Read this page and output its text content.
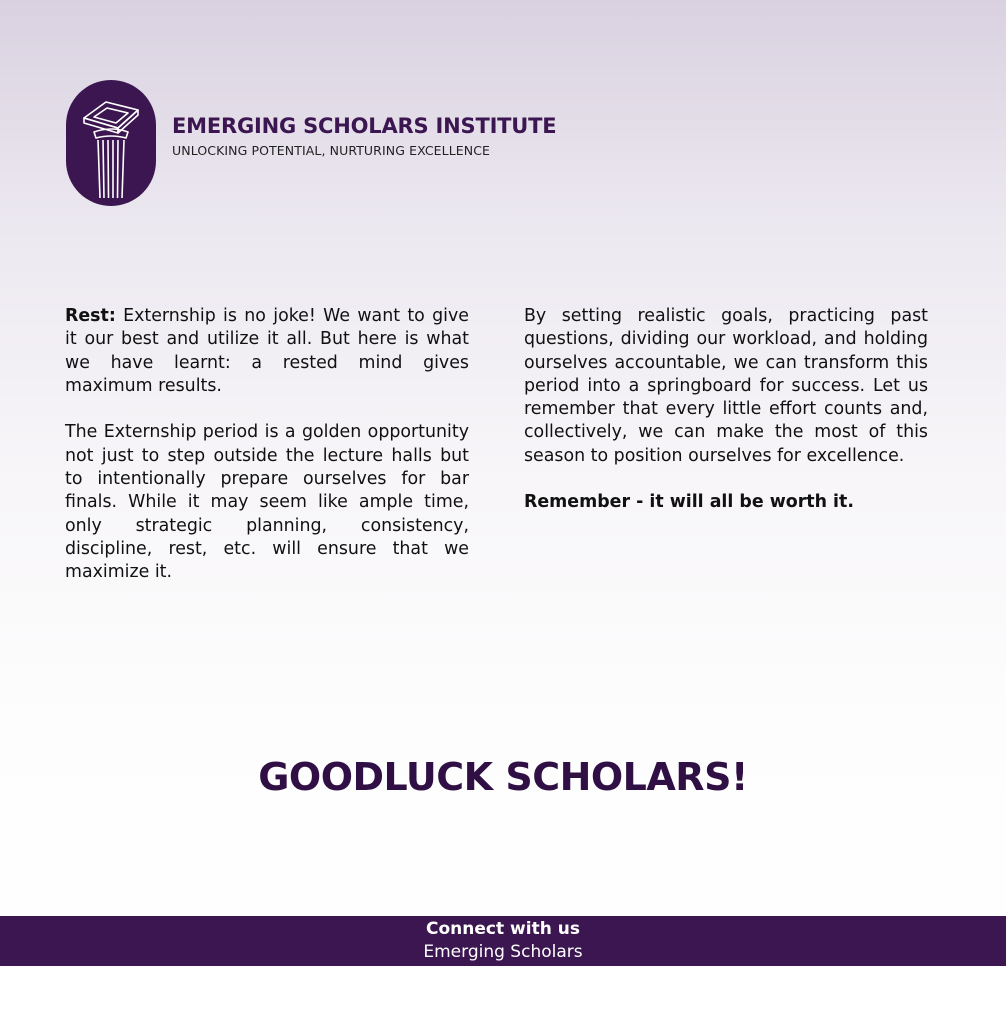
EMERGING SCHOLARS INSTITUTE
UNLOCKING POTENTIAL, NURTURING EXCELLENCE

Rest: Externship is no joke! We want to give it our best and utilize it all. But here is what we have learnt: a rested mind gives maximum results.

The Externship period is a golden opportunity not just to step outside the lecture halls but to intentionally prepare ourselves for bar finals. While it may seem like ample time, only strategic planning, consistency, discipline, rest, etc. will ensure that we maximize it.

By setting realistic goals, practicing past questions, dividing our workload, and holding ourselves accountable, we can transform this period into a springboard for success. Let us remember that every little effort counts and, collectively, we can make the most of this season to position ourselves for excellence.

Remember - it will all be worth it.

GOODLUCK SCHOLARS!
Connect with us
Emerging Scholars
